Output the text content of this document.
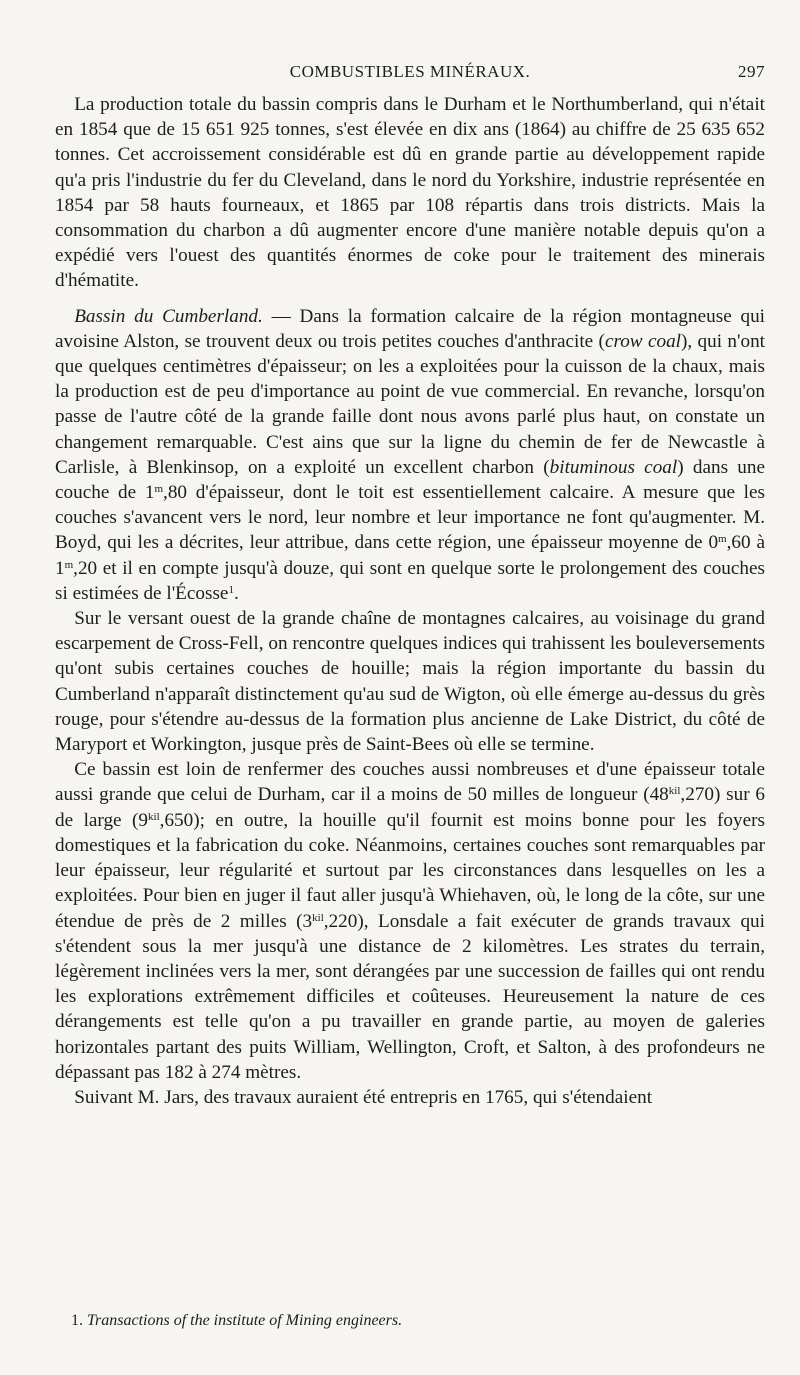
COMBUSTIBLES MINÉRAUX.	297

La production totale du bassin compris dans le Durham et le Northumberland, qui n'était en 1854 que de 15 651 925 tonnes, s'est élevée en dix ans (1864) au chiffre de 25 635 652 tonnes. Cet accroissement considérable est dû en grande partie au développement rapide qu'a pris l'industrie du fer du Cleveland, dans le nord du Yorkshire, industrie représentée en 1854 par 58 hauts fourneaux, et 1865 par 108 répartis dans trois districts. Mais la consommation du charbon a dû augmenter encore d'une manière notable depuis qu'on a expédié vers l'ouest des quantités énormes de coke pour le traitement des minerais d'hématite.

Bassin du Cumberland. — Dans la formation calcaire de la région montagneuse qui avoisine Alston, se trouvent deux ou trois petites couches d'anthracite (crow coal), qui n'ont que quelques centimètres d'épaisseur; on les a exploitées pour la cuisson de la chaux, mais la production est de peu d'importance au point de vue commercial. En revanche, lorsqu'on passe de l'autre côté de la grande faille dont nous avons parlé plus haut, on constate un changement remarquable. C'est ains que sur la ligne du chemin de fer de Newcastle à Carlisle, à Blenkinsop, on a exploité un excellent charbon (bituminous coal) dans une couche de 1$^m$,80 d'épaisseur, dont le toit est essentiellement calcaire. A mesure que les couches s'avancent vers le nord, leur nombre et leur importance ne font qu'augmenter. M. Boyd, qui les a décrites, leur attribue, dans cette région, une épaisseur moyenne de 0$^m$,60 à 1$^m$,20 et il en compte jusqu'à douze, qui sont en quelque sorte le prolongement des couches si estimées de l'Écosse$^1$.

Sur le versant ouest de la grande chaîne de montagnes calcaires, au voisinage du grand escarpement de Cross-Fell, on rencontre quelques indices qui trahissent les bouleversements qu'ont subis certaines couches de houille; mais la région importante du bassin du Cumberland n'apparaît distinctement qu'au sud de Wigton, où elle émerge au-dessus du grès rouge, pour s'étendre au-dessus de la formation plus ancienne de Lake District, du côté de Maryport et Workington, jusque près de Saint-Bees où elle se termine.

Ce bassin est loin de renfermer des couches aussi nombreuses et d'une épaisseur totale aussi grande que celui de Durham, car il a moins de 50 milles de longueur $(48^{kil},270)$ sur 6 de large $(9^{kil},650)$; en outre, la houille qu'il fournit est moins bonne pour les foyers domestiques et la fabrication du coke. Néanmoins, certaines couches sont remarquables par leur épaisseur, leur régularité et surtout par les circonstances dans lesquelles on les a exploitées. Pour bien en juger il faut aller jusqu'à Whiehaven, où, le long de la côte, sur une étendue de près de 2 milles $(3^{kil},220)$, Lonsdale a fait exécuter de grands travaux qui s'étendent sous la mer jusqu'à une distance de 2 kilomètres. Les strates du terrain, légèrement inclinées vers la mer, sont dérangées par une succession de failles qui ont rendu les explorations extrêmement difficiles et coûteuses. Heureusement la nature de ces dérangements est telle qu'on a pu travailler en grande partie, au moyen de galeries horizontales partant des puits William, Wellington, Croft, et Salton, à des profondeurs ne dépassant pas 182 à 274 mètres.

Suivant M. Jars, des travaux auraient été entrepris en 1765, qui s'étendaient

1. Transactions of the institute of Mining engineers.
